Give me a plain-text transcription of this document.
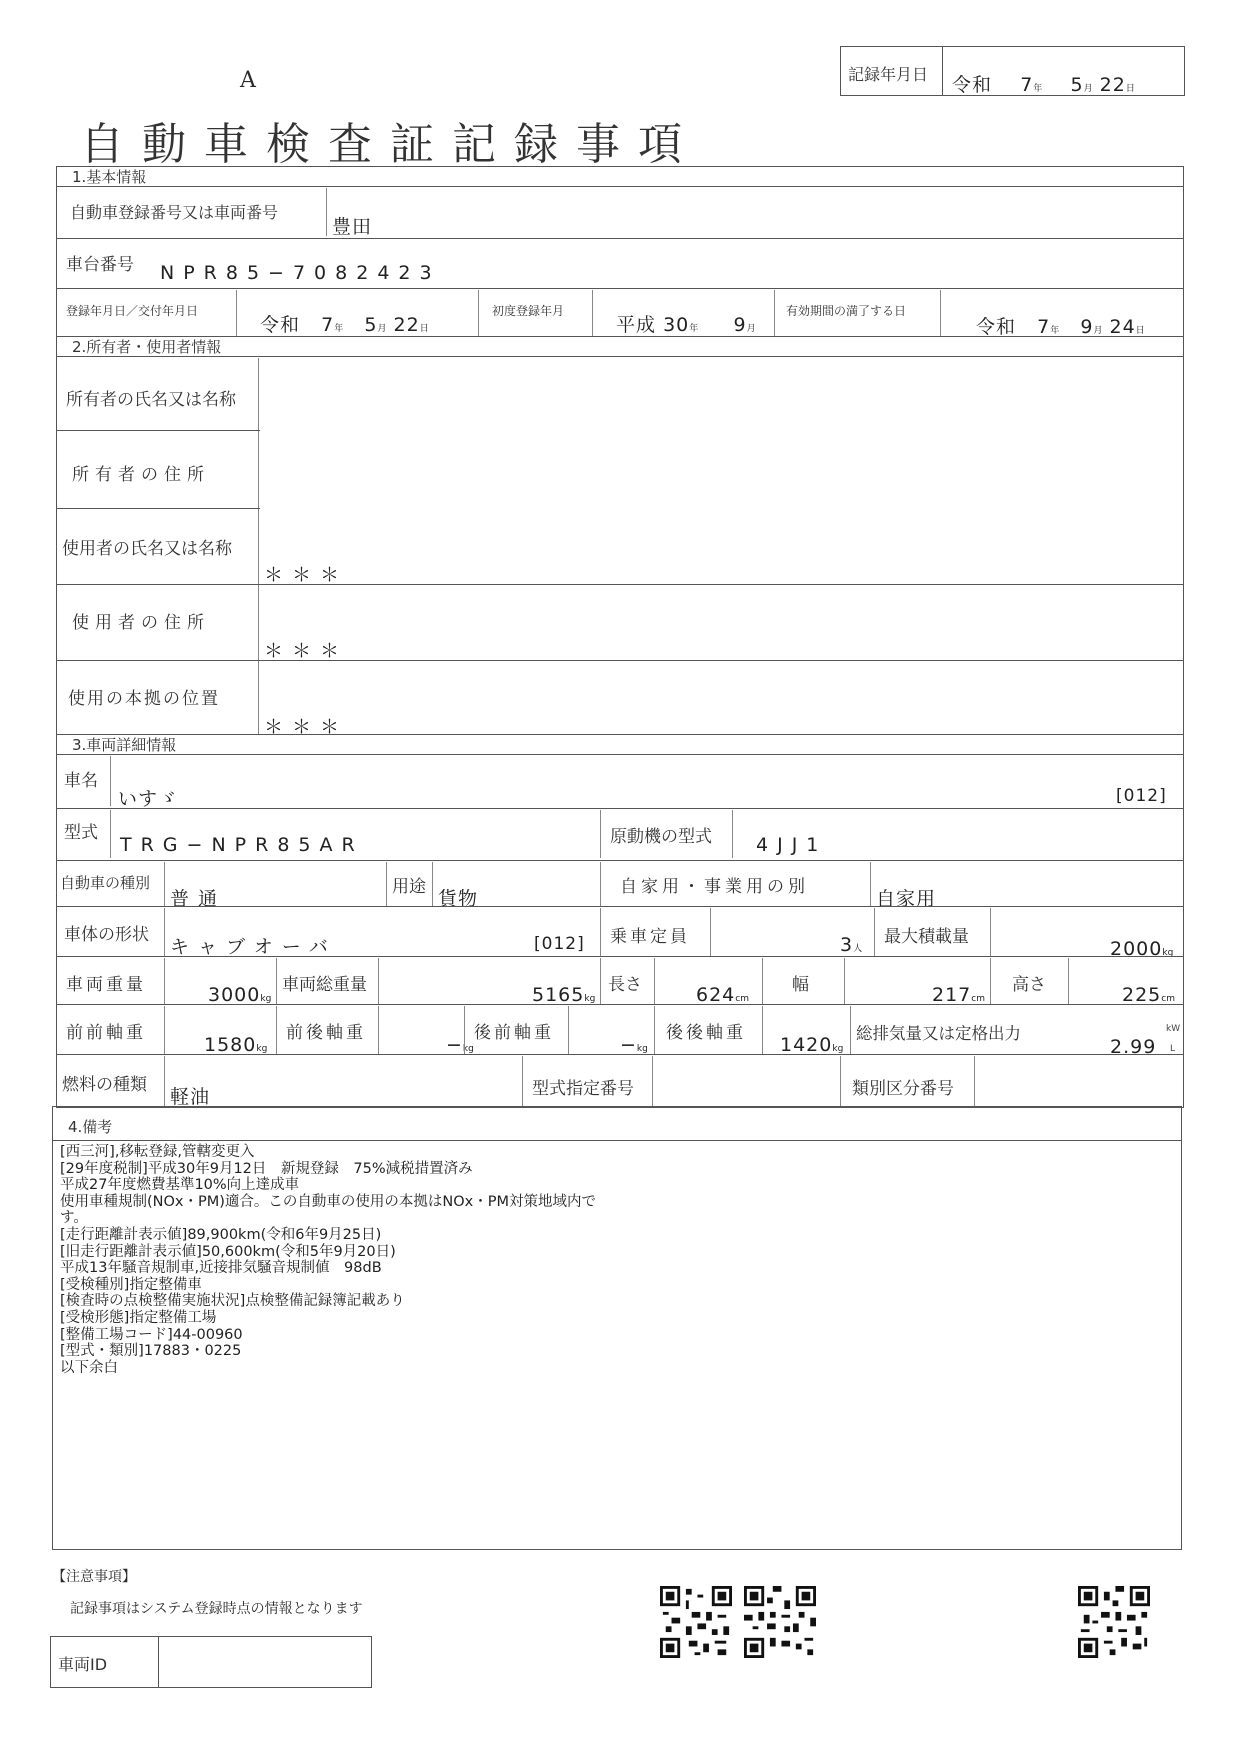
A	記録年月日 令和 7年 5月 22日
自動車検査証記録事項
1.基本情報
自動車登録番号又は車両番号
豊田
車台番号 NPR85−7082423
登録年月日／交付年月日
令和 7年 5月 22日
初度登録年月
平成 30年 9月
有効期間の満了する日
令和 7年 9月 24日
2.所有者・使用者情報
所有者の氏名又は名称
所有者の住所
使用者の氏名又は名称
＊＊＊
使用者の住所
＊＊＊
使用の本拠の位置
＊＊＊
3.車両詳細情報
車名
いすゞ	[012]
型式
TRG−NPR85AR	原動機の型式 4JJ1
自動車の種別
普通
用途
貨物
自家用・事業用の別
自家用
車体の形状
キャブオーバ	[012] 乗車定員	3人
最大積載量
2000kg
車両重量	3000kg
車両総重量	5165kg
長さ	624cm
幅	217cm
高さ	225cm
前前軸重
1580kg
前後軸重
−kg
後前軸重
−kg
後後軸重
1420kg
総排気量又は定格出力
2.99
kW
L
燃料の種類
軽油	型式指定番号	類別区分番号
4.備考
[西三河],移転登録,管轄変更入
[29年度税制]平成30年9月12日　新規登録　75%減税措置済み
平成27年度燃費基準10%向上達成車
使用車種規制(NOx・PM)適合。この自動車の使用の本拠はNOx・PM対策地域内です。
[走行距離計表示値]89,900km(令和6年9月25日)
[旧走行距離計表示値]50,600km(令和5年9月20日)
平成13年騒音規制車,近接排気騒音規制値　98dB
[受検種別]指定整備車
[検査時の点検整備実施状況]点検整備記録簿記載あり
[受検形態]指定整備工場
[整備工場コード]44-00960
[型式・類別]17883・0225
以下余白
【注意事項】
記録事項はシステム登録時点の情報となります
車両ID
